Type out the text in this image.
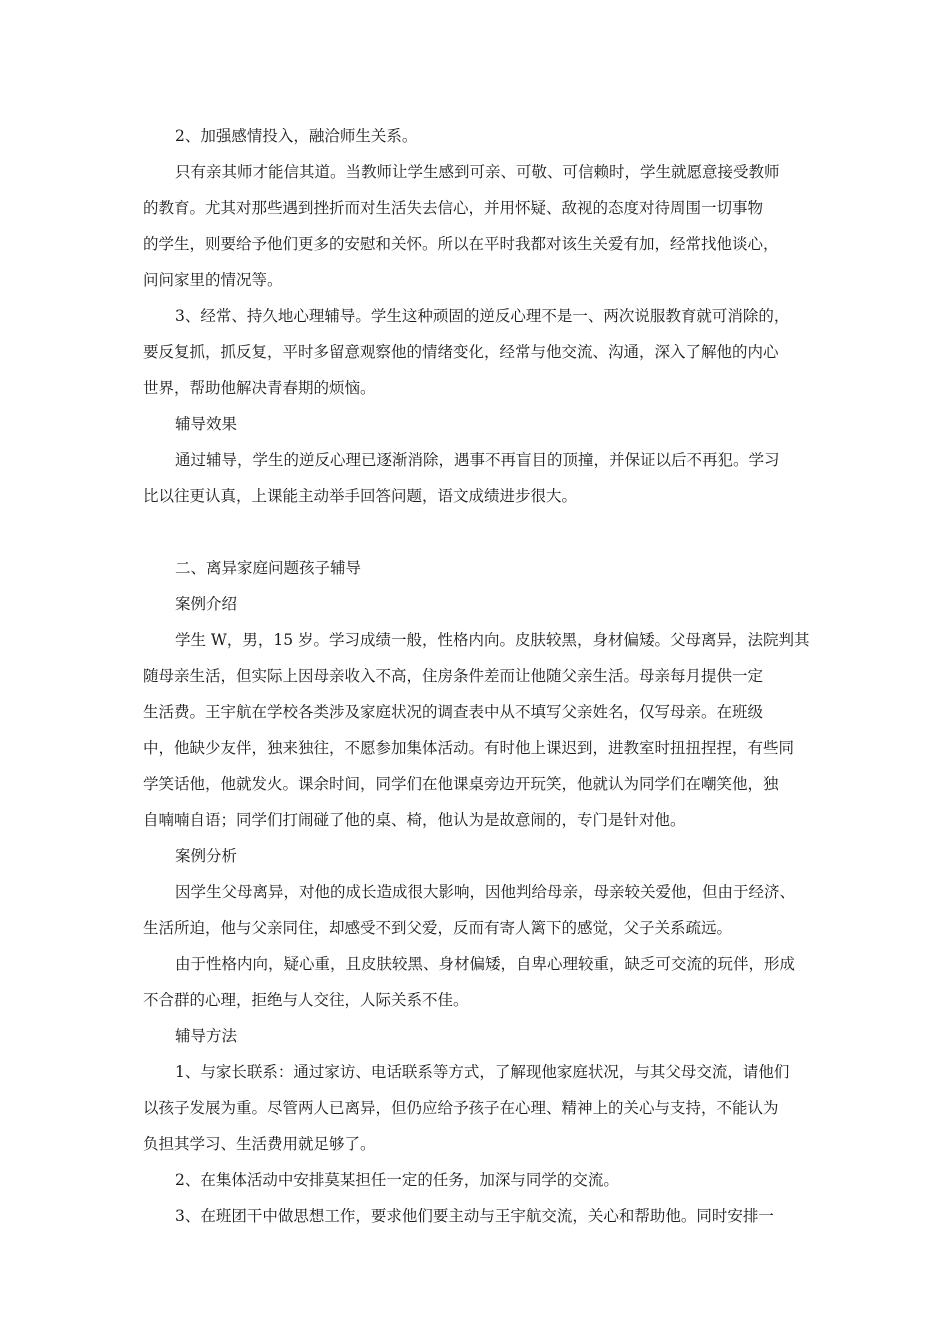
2、加强感情投入，融洽师生关系。

只有亲其师才能信其道。当教师让学生感到可亲、可敬、可信赖时，学生就愿意接受教师
的教育。尤其对那些遇到挫折而对生活失去信心，并用怀疑、敌视的态度对待周围一切事物
的学生，则要给予他们更多的安慰和关怀。所以在平时我都对该生关爱有加，经常找他谈心，
问问家里的情况等。

3、经常、持久地心理辅导。学生这种顽固的逆反心理不是一、两次说服教育就可消除的，
要反复抓，抓反复，平时多留意观察他的情绪变化，经常与他交流、沟通，深入了解他的内心
世界，帮助他解决青春期的烦恼。

辅导效果

通过辅导，学生的逆反心理已逐渐消除，遇事不再盲目的顶撞，并保证以后不再犯。学习
比以往更认真，上课能主动举手回答问题，语文成绩进步很大。

二、离异家庭问题孩子辅导

案例介绍

学生 W，男，15 岁。学习成绩一般，性格内向。皮肤较黑，身材偏矮。父母离异，法院判其
随母亲生活，但实际上因母亲收入不高，住房条件差而让他随父亲生活。母亲每月提供一定
生活费。王宇航在学校各类涉及家庭状况的调查表中从不填写父亲姓名，仅写母亲。在班级
中，他缺少友伴，独来独往，不愿参加集体活动。有时他上课迟到，进教室时扭扭捏捏，有些同
学笑话他，他就发火。课余时间，同学们在他课桌旁边开玩笑，他就认为同学们在嘲笑他，独
自喃喃自语；同学们打闹碰了他的桌、椅，他认为是故意闹的，专门是针对他。

案例分析

因学生父母离异，对他的成长造成很大影响，因他判给母亲，母亲较关爱他，但由于经济、
生活所迫，他与父亲同住，却感受不到父爱，反而有寄人篱下的感觉，父子关系疏远。

由于性格内向，疑心重，且皮肤较黑、身材偏矮，自卑心理较重，缺乏可交流的玩伴，形成
不合群的心理，拒绝与人交往，人际关系不佳。

辅导方法

1、与家长联系：通过家访、电话联系等方式，了解现他家庭状况，与其父母交流，请他们
以孩子发展为重。尽管两人已离异，但仍应给予孩子在心理、精神上的关心与支持，不能认为
负担其学习、生活费用就足够了。

2、在集体活动中安排莫某担任一定的任务，加深与同学的交流。

3、在班团干中做思想工作，要求他们要主动与王宇航交流，关心和帮助他。同时安排一
